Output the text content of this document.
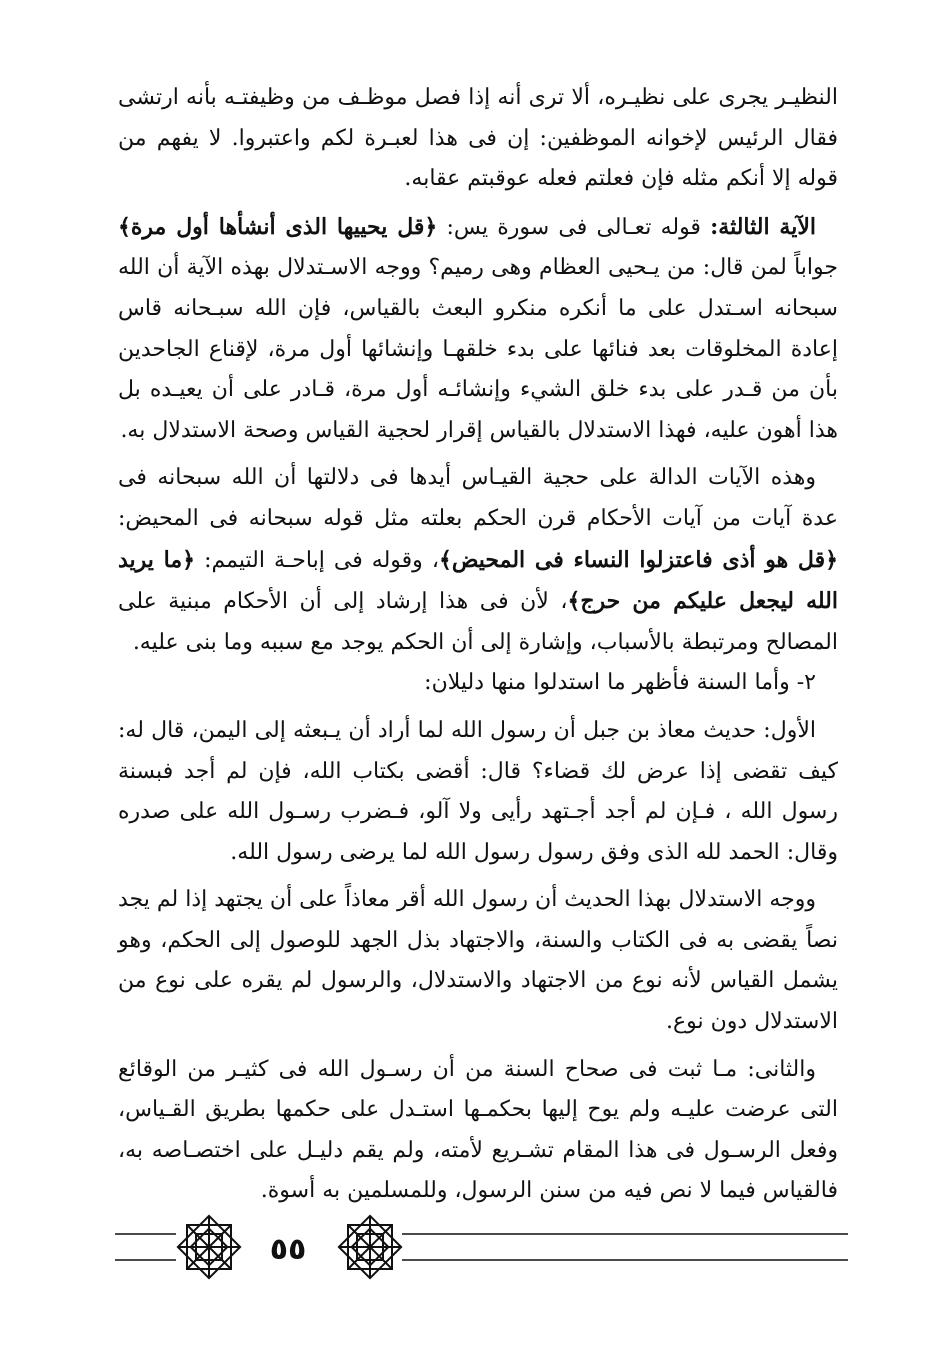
النظيـر يجرى على نظيـره، ألا ترى أنه إذا فصل موظـف من وظيفتـه بأنه ارتشى فقال الرئيس لإخوانه الموظفين: إن فى هذا لعبـرة لكم واعتبروا. لا يفهم من قوله إلا أنكم مثله فإن فعلتم فعله عوقبتم عقابه.

الآية الثالثة: قوله تعـالى فى سورة يس: ﴿قل يحييها الذى أنشأها أول مرة﴾ جواباً لمن قال: من يـحيى العظام وهى رميم؟ ووجه الاسـتدلال بهذه الآية أن الله سبحانه اسـتدل على ما أنكره منكرو البعث بالقياس، فإن الله سبـحانه قاس إعادة المخلوقات بعد فنائها على بدء خلقهـا وإنشائها أول مرة، لإقناع الجاحدين بأن من قـدر على بدء خلق الشيء وإنشائـه أول مرة، قـادر على أن يعيـده بل هذا أهون عليه، فهذا الاستدلال بالقياس إقرار لحجية القياس وصحة الاستدلال به.

وهذه الآيات الدالة على حجية القيـاس أيدها فى دلالتها أن الله سبحانه فى عدة آيات من آيات الأحكام قرن الحكم بعلته مثل قوله سبحانه فى المحيض: ﴿قل هو أذى فاعتزلوا النساء فى المحيض﴾، وقوله فى إباحـة التيمم: ﴿ما يريد الله ليجعل عليكم من حرج﴾، لأن فى هذا إرشاد إلى أن الأحكام مبنية على المصالح ومرتبطة بالأسباب، وإشارة إلى أن الحكم يوجد مع سببه وما بنى عليه.

٢- وأما السنة فأظهر ما استدلوا منها دليلان:

الأول: حديث معاذ بن جبل أن رسول الله لما أراد أن يـبعثه إلى اليمن، قال له: كيف تقضى إذا عرض لك قضاء؟ قال: أقضى بكتاب الله، فإن لم أجد فبسنة رسول الله ، فـإن لم أجد أجـتهد رأيى ولا آلو، فـضرب رسـول الله على صدره وقال: الحمد لله الذى وفق رسول رسول الله لما يرضى رسول الله.

ووجه الاستدلال بهذا الحديث أن رسول الله أقر معاذاً على أن يجتهد إذا لم يجد نصاً يقضى به فى الكتاب والسنة، والاجتهاد بذل الجهد للوصول إلى الحكم، وهو يشمل القياس لأنه نوع من الاجتهاد والاستدلال، والرسول لم يقره على نوع من الاستدلال دون نوع.

والثانى: مـا ثبت فى صحاح السنة من أن رسـول الله فى كثيـر من الوقائع التى عرضت عليـه ولم يوح إليها بحكمـها استـدل على حكمها بطريق القـياس، وفعل الرسـول فى هذا المقام تشـريع لأمته، ولم يقم دليـل على اختصـاصه به، فالقياس فيما لا نص فيه من سنن الرسول، وللمسلمين به أسوة.

٥٥
